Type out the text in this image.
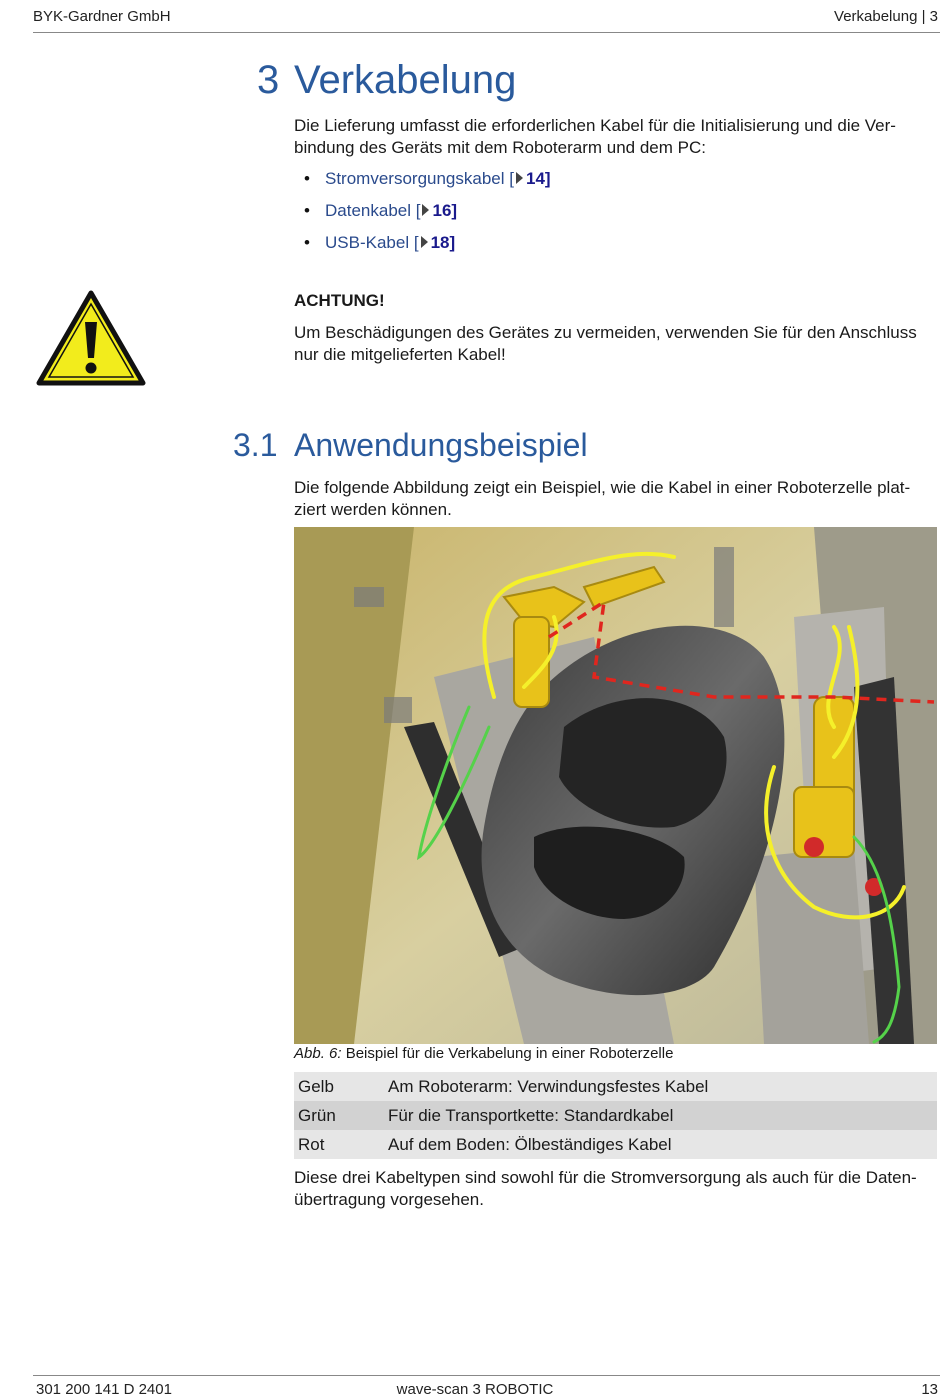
BYK-Gardner GmbH	Verkabelung | 3
3 Verkabelung
Die Lieferung umfasst die erforderlichen Kabel für die Initialisierung und die Ver-
bindung des Geräts mit dem Roboterarm und dem PC:
• Stromversorgungskabel [ 14]
• Datenkabel [ 16]
• USB-Kabel [ 18]
ACHTUNG!
Um Beschädigungen des Gerätes zu vermeiden, verwenden Sie für den Anschluss
nur die mitgelieferten Kabel!
3.1 Anwendungsbeispiel
Die folgende Abbildung zeigt ein Beispiel, wie die Kabel in einer Roboterzelle plat-
ziert werden können.
Abb. 6: Beispiel für die Verkabelung in einer Roboterzelle
Gelb	Am Roboterarm: Verwindungsfestes Kabel
Grün	Für die Transportkette: Standardkabel
Rot	Auf dem Boden: Ölbeständiges Kabel
Diese drei Kabeltypen sind sowohl für die Stromversorgung als auch für die Daten-
übertragung vorgesehen.
301 200 141 D 2401	wave-scan 3 ROBOTIC	13
